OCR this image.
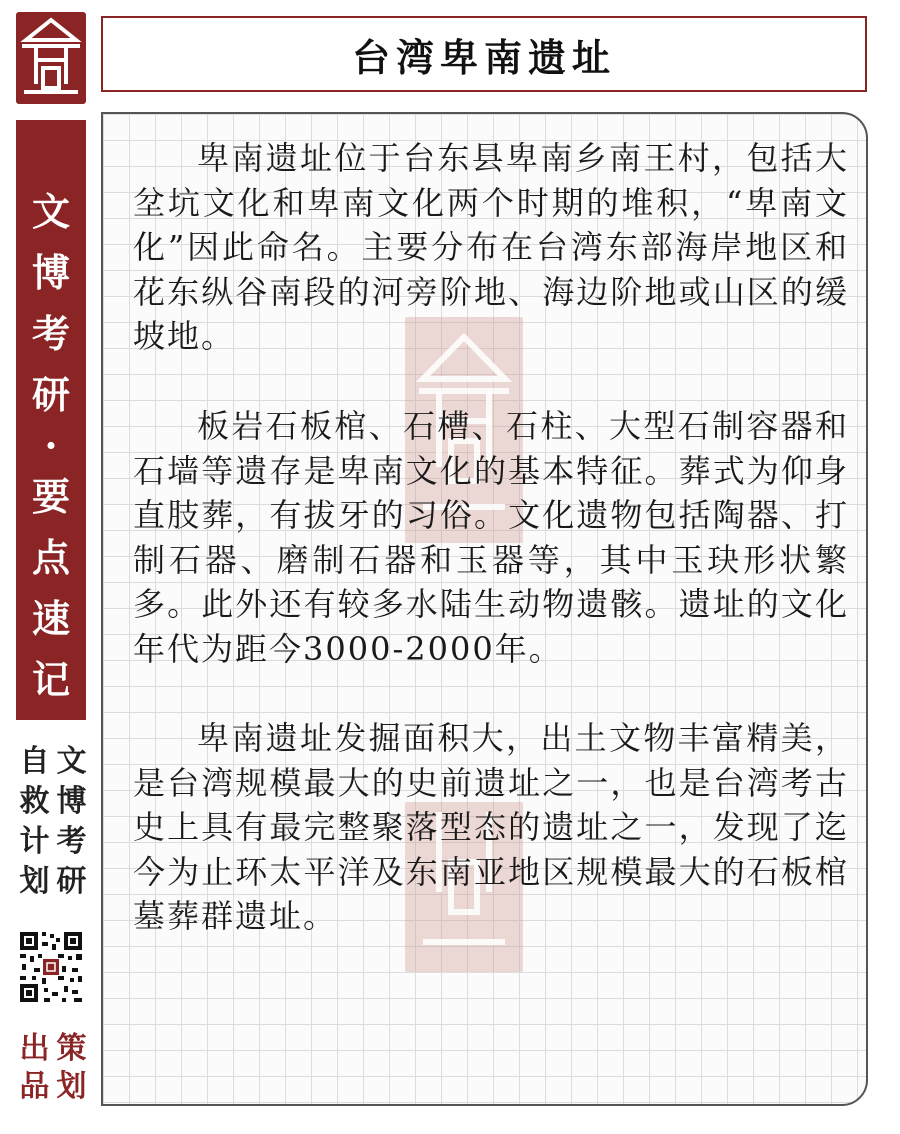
台湾卑南遗址
文
博
考
研
·
要
点
速
记
自
救
计
划
文
博
考
研
出
品
策
划

卑南遗址位于台东县卑南乡南王村，包括大坌坑文化和卑南文化两个时期的堆积，“卑南文化”因此命名。主要分布在台湾东部海岸地区和花东纵谷南段的河旁阶地、海边阶地或山区的缓坡地。

板岩石板棺、石槽、石柱、大型石制容器和石墙等遗存是卑南文化的基本特征。葬式为仰身直肢葬，有拔牙的习俗。文化遗物包括陶器、打制石器、磨制石器和玉器等，其中玉玦形状繁多。此外还有较多水陆生动物遗骸。遗址的文化年代为距今3000-2000年。

卑南遗址发掘面积大，出土文物丰富精美，是台湾规模最大的史前遗址之一，也是台湾考古史上具有最完整聚落型态的遗址之一，发现了迄今为止环太平洋及东南亚地区规模最大的石板棺墓葬群遗址。
